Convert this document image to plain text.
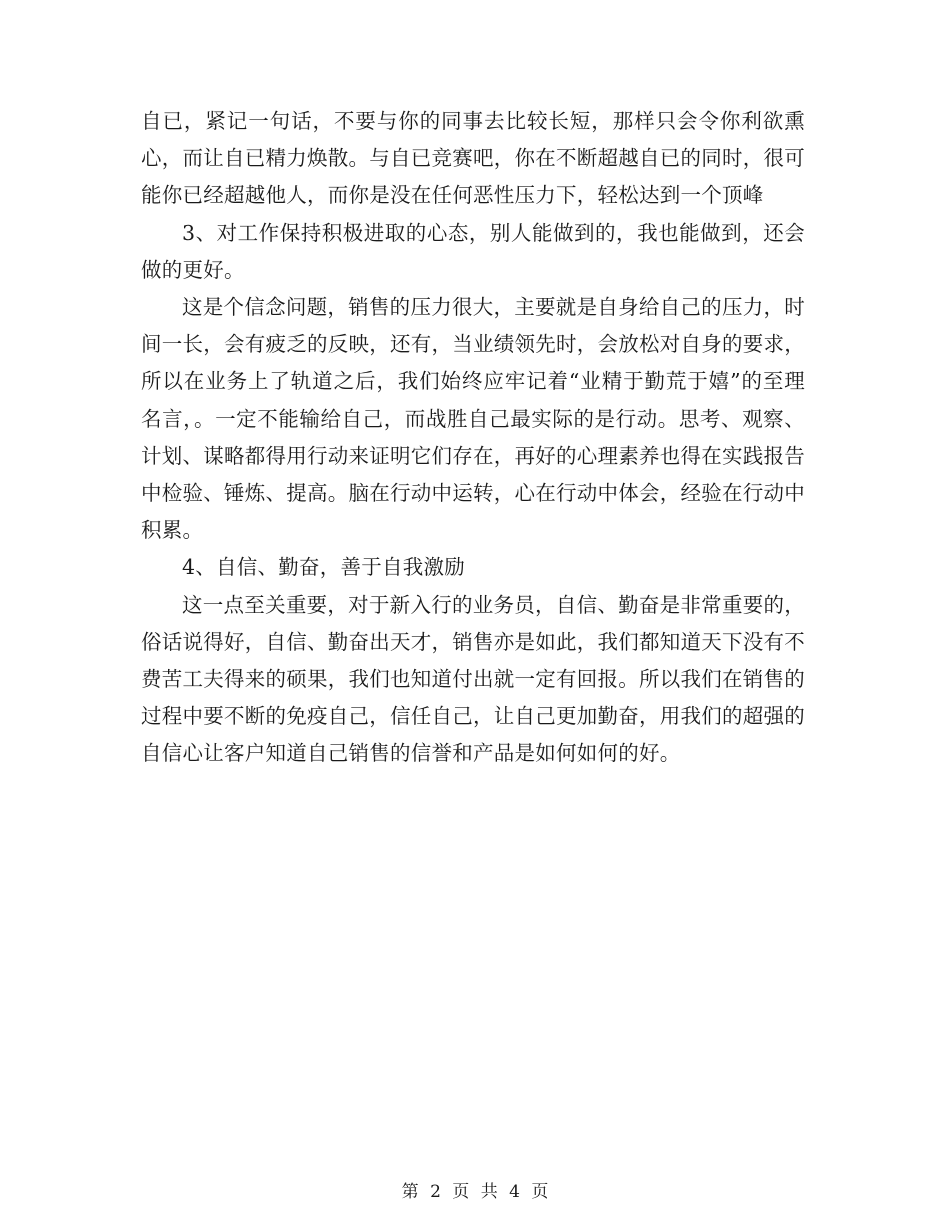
自已，紧记一句话，不要与你的同事去比较长短，那样只会令你利欲熏心，而让自已精力焕散。与自已竞赛吧，你在不断超越自已的同时，很可能你已经超越他人，而你是没在任何恶性压力下，轻松达到一个顶峰

3、对工作保持积极进取的心态，别人能做到的，我也能做到，还会做的更好。

这是个信念问题，销售的压力很大，主要就是自身给自己的压力，时间一长，会有疲乏的反映，还有，当业绩领先时，会放松对自身的要求，所以在业务上了轨道之后，我们始终应牢记着“业精于勤荒于嬉”的至理名言，。一定不能输给自己，而战胜自己最实际的是行动。思考、观察、计划、谋略都得用行动来证明它们存在，再好的心理素养也得在实践报告中检验、锤炼、提高。脑在行动中运转，心在行动中体会，经验在行动中积累。

4、自信、勤奋，善于自我激励

这一点至关重要，对于新入行的业务员，自信、勤奋是非常重要的，俗话说得好，自信、勤奋出天才，销售亦是如此，我们都知道天下没有不费苦工夫得来的硕果，我们也知道付出就一定有回报。所以我们在销售的过程中要不断的免疫自己，信任自己，让自己更加勤奋，用我们的超强的自信心让客户知道自己销售的信誉和产品是如何如何的好。

第 2 页 共 4 页
